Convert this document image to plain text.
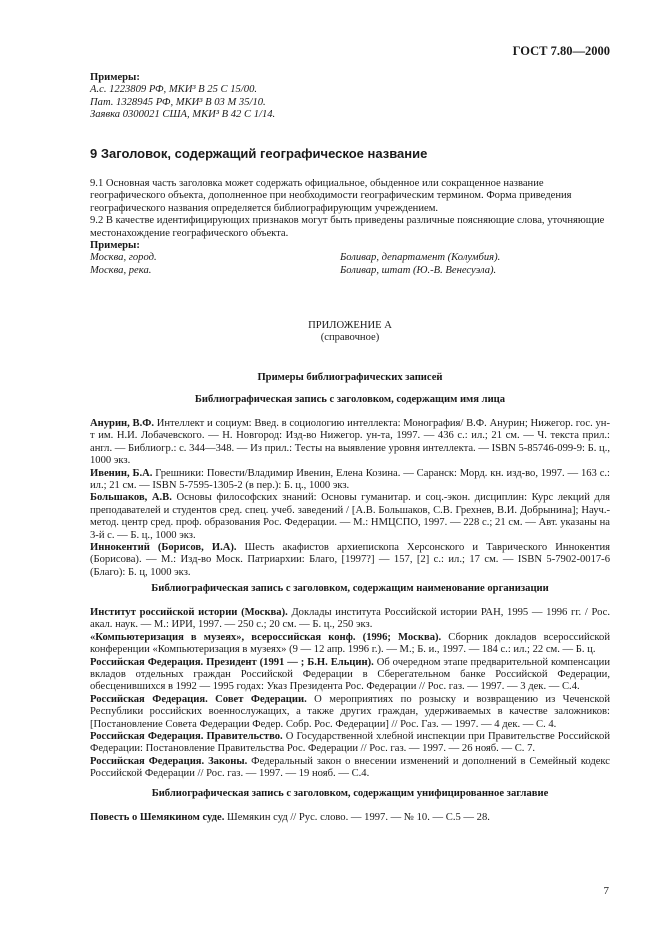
ГОСТ 7.80—2000
Примеры:
А.с. 1223809 РФ, МКИ³ В 25 С 15/00.
Пат. 1328945 РФ, МКИ³ В 03 М 35/10.
Заявка 0300021 США, МКИ³ В 42 С 1/14.
9 Заголовок, содержащий географическое название
9.1 Основная часть заголовка может содержать официальное, обыденное или сокращенное название географического объекта, дополненное при необходимости географическим термином. Форма приведения географического названия определяется библиографирующим учреждением.
9.2 В качестве идентифицирующих признаков могут быть приведены различные поясняющие слова, уточняющие местонахождение географического объекта.
Примеры:
Москва, город.
Москва, река.
Боливар, департамент (Колумбия).
Боливар, штат (Ю.-В. Венесуэла).
ПРИЛОЖЕНИЕ А
(справочное)
Примеры библиографических записей
Библиографическая запись с заголовком, содержащим имя лица
Анурин, В.Ф. Интеллект и социум: Введ. в социологию интеллекта: Монография/ В.Ф. Анурин; Нижегор. гос. ун-т им. Н.И. Лобачевского. — Н. Новгород: Изд-во Нижегор. ун-та, 1997. — 436 с.: ил.; 21 см. — Ч. текста прил.: англ. — Библиогр.: с. 344—348. — Из прил.: Тесты на выявление уровня интеллекта. — ISBN 5-85746-099-9: Б. ц., 1000 экз.
Ивенин, Б.А. Грешники: Повести/Владимир Ивенин, Елена Козина. — Саранск: Морд. кн. изд-во, 1997. — 163 с.: ил.; 21 см. — ISBN 5-7595-1305-2 (в пер.): Б. ц., 1000 экз.
Большаков, А.В. Основы философских знаний: Основы гуманитар. и соц.-экон. дисциплин: Курс лекций для преподавателей и студентов сред. спец. учеб. заведений / [А.В. Большаков, С.В. Грехнев, В.И. Добрынина]; Науч.-метод. центр сред. проф. образования Рос. Федерации. — М.: НМЦСПО, 1997. — 228 с.; 21 см. — Авт. указаны на 3-й с. — Б. ц., 1000 экз.
Иннокентий (Борисов, И.А). Шесть акафистов архиепископа Херсонского и Таврического Иннокентия (Борисова). — М.: Изд-во Моск. Патриархии: Благо, [1997?] — 157, [2] с.: ил.; 17 см. — ISBN 5-7902-0017-6 (Благо): Б. ц, 1000 экз.
Библиографическая запись с заголовком, содержащим наименование организации
Институт российской истории (Москва). Доклады института Российской истории РАН, 1995 — 1996 гг. / Рос. акал. наук. — М.: ИРИ, 1997. — 250 с.; 20 см. — Б. ц., 250 экз.
«Компьютеризация в музеях», всероссийская конф. (1996; Москва). Сборник докладов всероссийской конференции «Компьютеризация в музеях» (9 — 12 апр. 1996 г.). — М.; Б. и., 1997. — 184 с.: ил.; 22 см. — Б. ц.
Российская Федерация. Президент (1991 — ; Б.Н. Ельцин). Об очередном этапе предварительной компенсации вкладов отдельных граждан Российской Федерации в Сберегательном банке Российской Федерации, обесценившихся в 1992 — 1995 годах: Указ Президента Рос. Федерации // Рос. газ. — 1997. — 3 дек. — С.4.
Российская Федерация. Совет Федерации. О мероприятиях по розыску и возвращению из Чеченской Республики российских военнослужащих, а также других граждан, удерживаемых в качестве заложников: [Постановление Совета Федерации Федер. Собр. Рос. Федерации] // Рос. Газ. — 1997. — 4 дек. — С. 4.
Российская Федерация. Правительство. О Государственной хлебной инспекции при Правительстве Российской Федерации: Постановление Правительства Рос. Федерации // Рос. газ. — 1997. — 26 нояб. — С. 7.
Российская Федерация. Законы. Федеральный закон о внесении изменений и дополнений в Семейный кодекс Российской Федерации // Рос. газ. — 1997. — 19 нояб. — С.4.
Библиографическая запись с заголовком, содержащим унифицированное заглавие
Повесть о Шемякином суде. Шемякин суд // Рус. слово. — 1997. — № 10. — С.5 — 28.
7
